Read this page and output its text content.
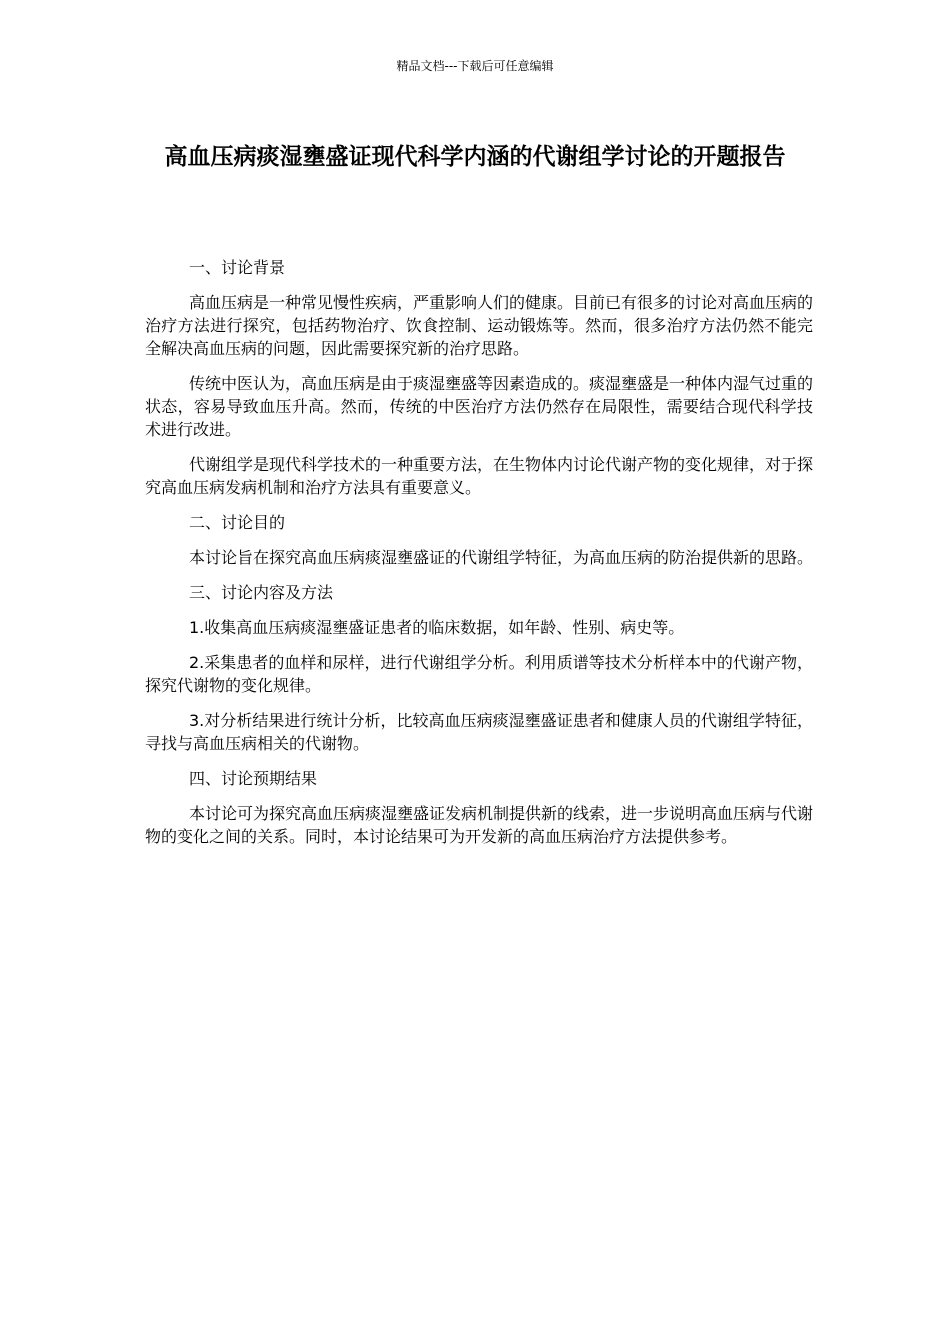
精品文档---下载后可任意编辑
高血压病痰湿壅盛证现代科学内涵的代谢组学讨论的开题报告

一、讨论背景

高血压病是一种常见慢性疾病，严重影响人们的健康。目前已有很多的讨论对高血压病的治疗方法进行探究，包括药物治疗、饮食控制、运动锻炼等。然而，很多治疗方法仍然不能完全解决高血压病的问题，因此需要探究新的治疗思路。

传统中医认为，高血压病是由于痰湿壅盛等因素造成的。痰湿壅盛是一种体内湿气过重的状态，容易导致血压升高。然而，传统的中医治疗方法仍然存在局限性，需要结合现代科学技术进行改进。

代谢组学是现代科学技术的一种重要方法，在生物体内讨论代谢产物的变化规律，对于探究高血压病发病机制和治疗方法具有重要意义。

二、讨论目的

本讨论旨在探究高血压病痰湿壅盛证的代谢组学特征，为高血压病的防治提供新的思路。

三、讨论内容及方法

1.收集高血压病痰湿壅盛证患者的临床数据，如年龄、性别、病史等。

2.采集患者的血样和尿样，进行代谢组学分析。利用质谱等技术分析样本中的代谢产物，探究代谢物的变化规律。

3.对分析结果进行统计分析，比较高血压病痰湿壅盛证患者和健康人员的代谢组学特征，寻找与高血压病相关的代谢物。

四、讨论预期结果

本讨论可为探究高血压病痰湿壅盛证发病机制提供新的线索，进一步说明高血压病与代谢物的变化之间的关系。同时，本讨论结果可为开发新的高血压病治疗方法提供参考。
